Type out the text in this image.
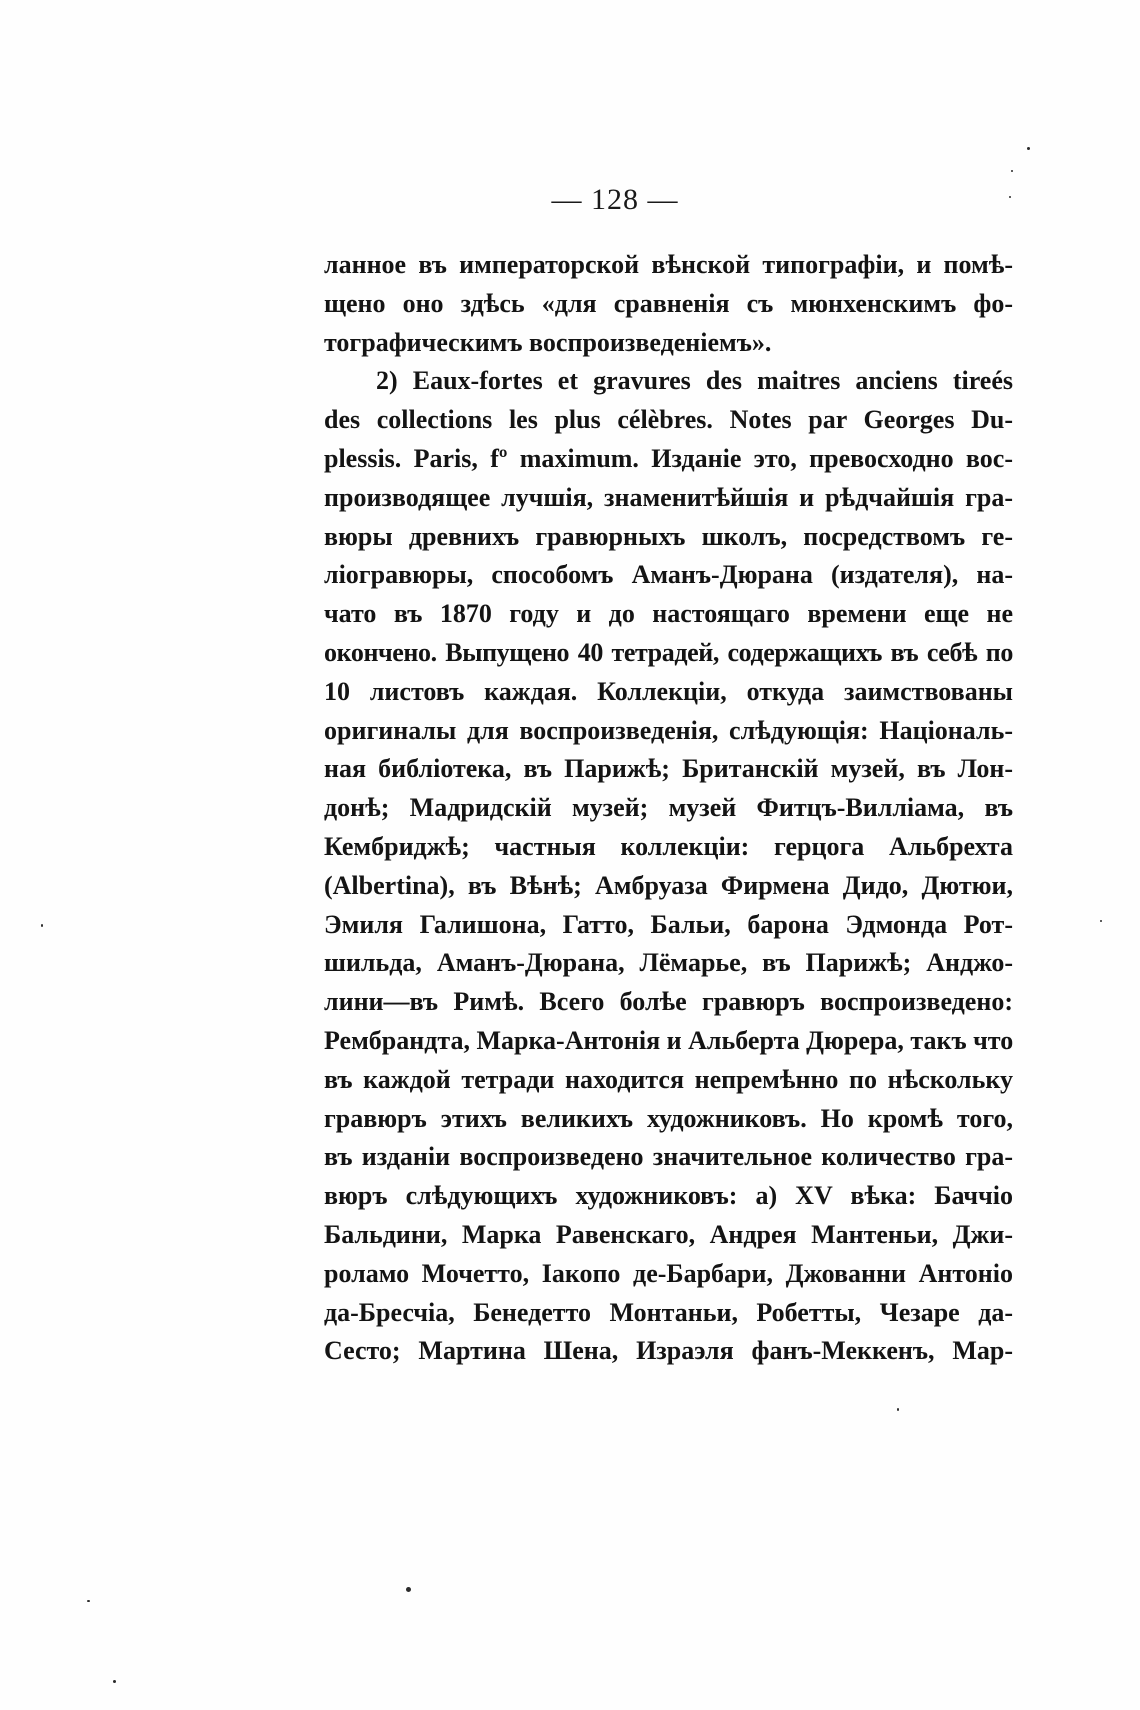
— 128 —
ланное въ императорской вѣнской типографіи, и помѣ-
щено оно здѣсь «для сравненія съ мюнхенскимъ фо-
тографическимъ воспроизведеніемъ».
2) Eaux-fortes et gravures des maitres anciens tireés
des collections les plus célèbres. Notes par Georges Du-
plessis. Paris, fº maximum. Изданіе это, превосходно вос-
производящее лучшія, знаменитѣйшія и рѣдчайшія гра-
вюры древнихъ гравюрныхъ школъ, посредствомъ ге-
ліогравюры, способомъ Аманъ-Дюрана (издателя), на-
чато въ 1870 году и до настоящаго времени еще не
окончено. Выпущено 40 тетрадей, содержащихъ въ себѣ по
10 листовъ каждая. Коллекціи, откуда заимствованы
оригиналы для воспроизведенія, слѣдующія: Національ-
ная библіотека, въ Парижѣ; Британскій музей, въ Лон-
донѣ; Мадридскій музей; музей Фитцъ-Вилліама, въ
Кембриджѣ; частныя коллекціи: герцога Альбрехта
(Albertina), въ Вѣнѣ; Амбруаза Фирмена Дидо, Дютюи,
Эмиля Галишона, Гатто, Бальи, барона Эдмонда Рот-
шильда, Аманъ-Дюрана, Лёмарье, въ Парижѣ; Анджо-
лини—въ Римѣ. Всего болѣе гравюръ воспроизведено:
Рембрандта, Марка-Антонія и Альберта Дюрера, такъ что
въ каждой тетради находится непремѣнно по нѣскольку
гравюръ этихъ великихъ художниковъ. Но кромѣ того,
въ изданіи воспроизведено значительное количество гра-
вюръ слѣдующихъ художниковъ: а) XV вѣка: Баччіо
Бальдини, Марка Равенскаго, Андрея Мантеньи, Джи-
роламо Мочетто, Іакопо де-Барбари, Джованни Антоніо
да-Бресчіа, Бенедетто Монтаньи, Робетты, Чезаре да-
Сесто; Мартина Шена, Израэля фанъ-Меккенъ, Мар-
